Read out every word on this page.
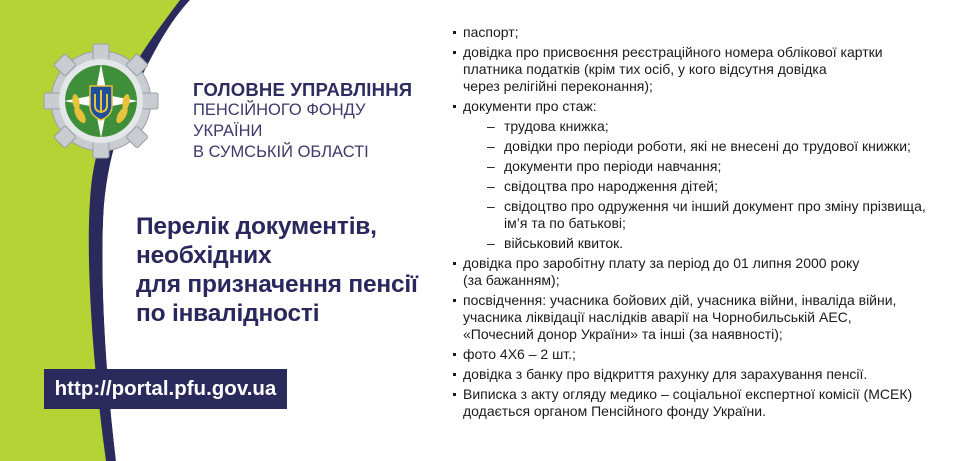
ГОЛОВНЕ УПРАВЛІННЯ
ПЕНСІЙНОГО ФОНДУ УКРАЇНИ
В СУМСЬКІЙ ОБЛАСТІ
Перелік документів,
необхідних
для призначення пенсії
по інвалідності
http://portal.pfu.gov.ua
паспорт;
довідка про присвоєння реєстраційного номера облікової картки
платника податків (крім тих осіб, у кого відсутня довідка
через релігійні переконання);
документи про стаж:
– трудова книжка;
– довідки про періоди роботи, які не внесені до трудової книжки;
– документи про періоди навчання;
– свідоцтва про народження дітей;
– свідоцтво про одруження чи інший документ про зміну прізвища,
ім’я та по батькові;
– військовий квиток.
довідка про заробітну плату за період до 01 липня 2000 року
(за бажанням);
посвідчення: учасника бойових дій, учасника війни, інваліда війни,
учасника ліквідації наслідків аварії на Чорнобильській АЕС,
«Почесний донор України» та інші (за наявності);
фото 4Х6 – 2 шт.;
довідка з банку про відкриття рахунку для зарахування пенсії.
Виписка з акту огляду медико – соціальної експертної комісії (МСЕК)
додається органом Пенсійного фонду України.
